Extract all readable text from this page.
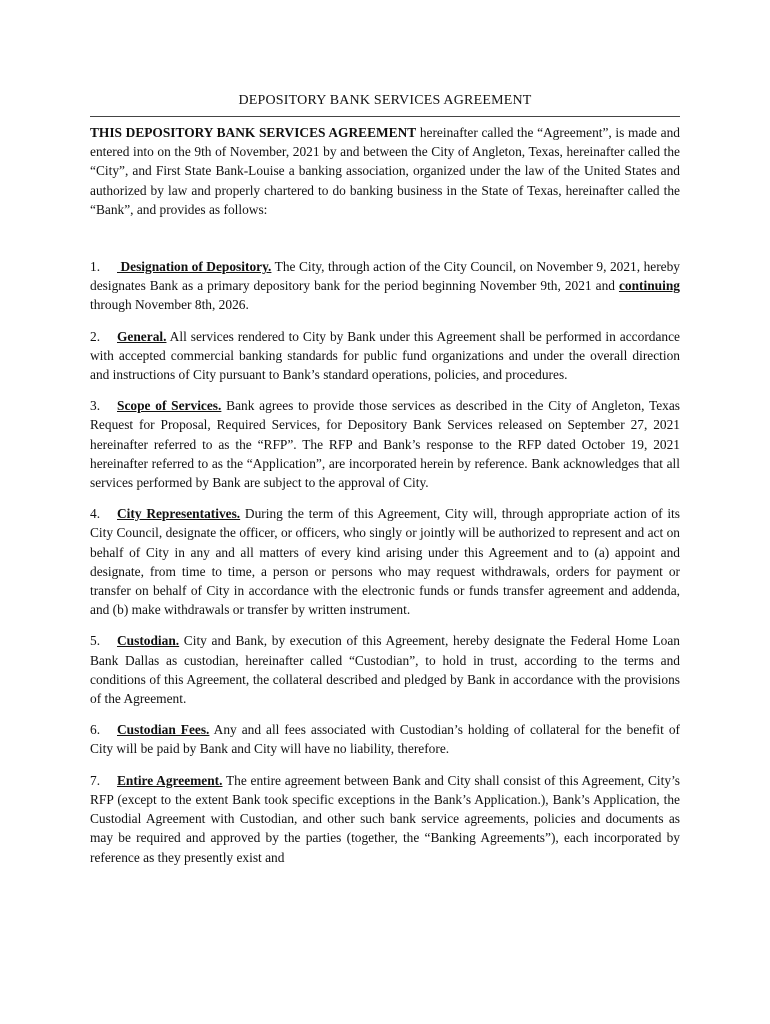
DEPOSITORY BANK SERVICES AGREEMENT

THIS DEPOSITORY BANK SERVICES AGREEMENT hereinafter called the “Agreement”, is made and entered into on the 9th of November, 2021 by and between the City of Angleton, Texas, hereinafter called the “City”, and First State Bank-Louise a banking association, organized under the law of the United States and authorized by law and properly chartered to do banking business in the State of Texas, hereinafter called the “Bank”, and provides as follows:

1. Designation of Depository. The City, through action of the City Council, on November 9, 2021, hereby designates Bank as a primary depository bank for the period beginning November 9th, 2021 and continuing through November 8th, 2026.

2. General. All services rendered to City by Bank under this Agreement shall be performed in accordance with accepted commercial banking standards for public fund organizations and under the overall direction and instructions of City pursuant to Bank’s standard operations, policies, and procedures.

3. Scope of Services. Bank agrees to provide those services as described in the City of Angleton, Texas Request for Proposal, Required Services, for Depository Bank Services released on September 27, 2021 hereinafter referred to as the “RFP”. The RFP and Bank’s response to the RFP dated October 19, 2021 hereinafter referred to as the “Application”, are incorporated herein by reference. Bank acknowledges that all services performed by Bank are subject to the approval of City.

4. City Representatives. During the term of this Agreement, City will, through appropriate action of its City Council, designate the officer, or officers, who singly or jointly will be authorized to represent and act on behalf of City in any and all matters of every kind arising under this Agreement and to (a) appoint and designate, from time to time, a person or persons who may request withdrawals, orders for payment or transfer on behalf of City in accordance with the electronic funds or funds transfer agreement and addenda, and (b) make withdrawals or transfer by written instrument.

5. Custodian. City and Bank, by execution of this Agreement, hereby designate the Federal Home Loan Bank Dallas as custodian, hereinafter called “Custodian”, to hold in trust, according to the terms and conditions of this Agreement, the collateral described and pledged by Bank in accordance with the provisions of the Agreement.

6. Custodian Fees. Any and all fees associated with Custodian’s holding of collateral for the benefit of City will be paid by Bank and City will have no liability, therefore.

7. Entire Agreement. The entire agreement between Bank and City shall consist of this Agreement, City’s RFP (except to the extent Bank took specific exceptions in the Bank’s Application.), Bank’s Application, the Custodial Agreement with Custodian, and other such bank service agreements, policies and documents as may be required and approved by the parties (together, the “Banking Agreements”), each incorporated by reference as they presently exist and
